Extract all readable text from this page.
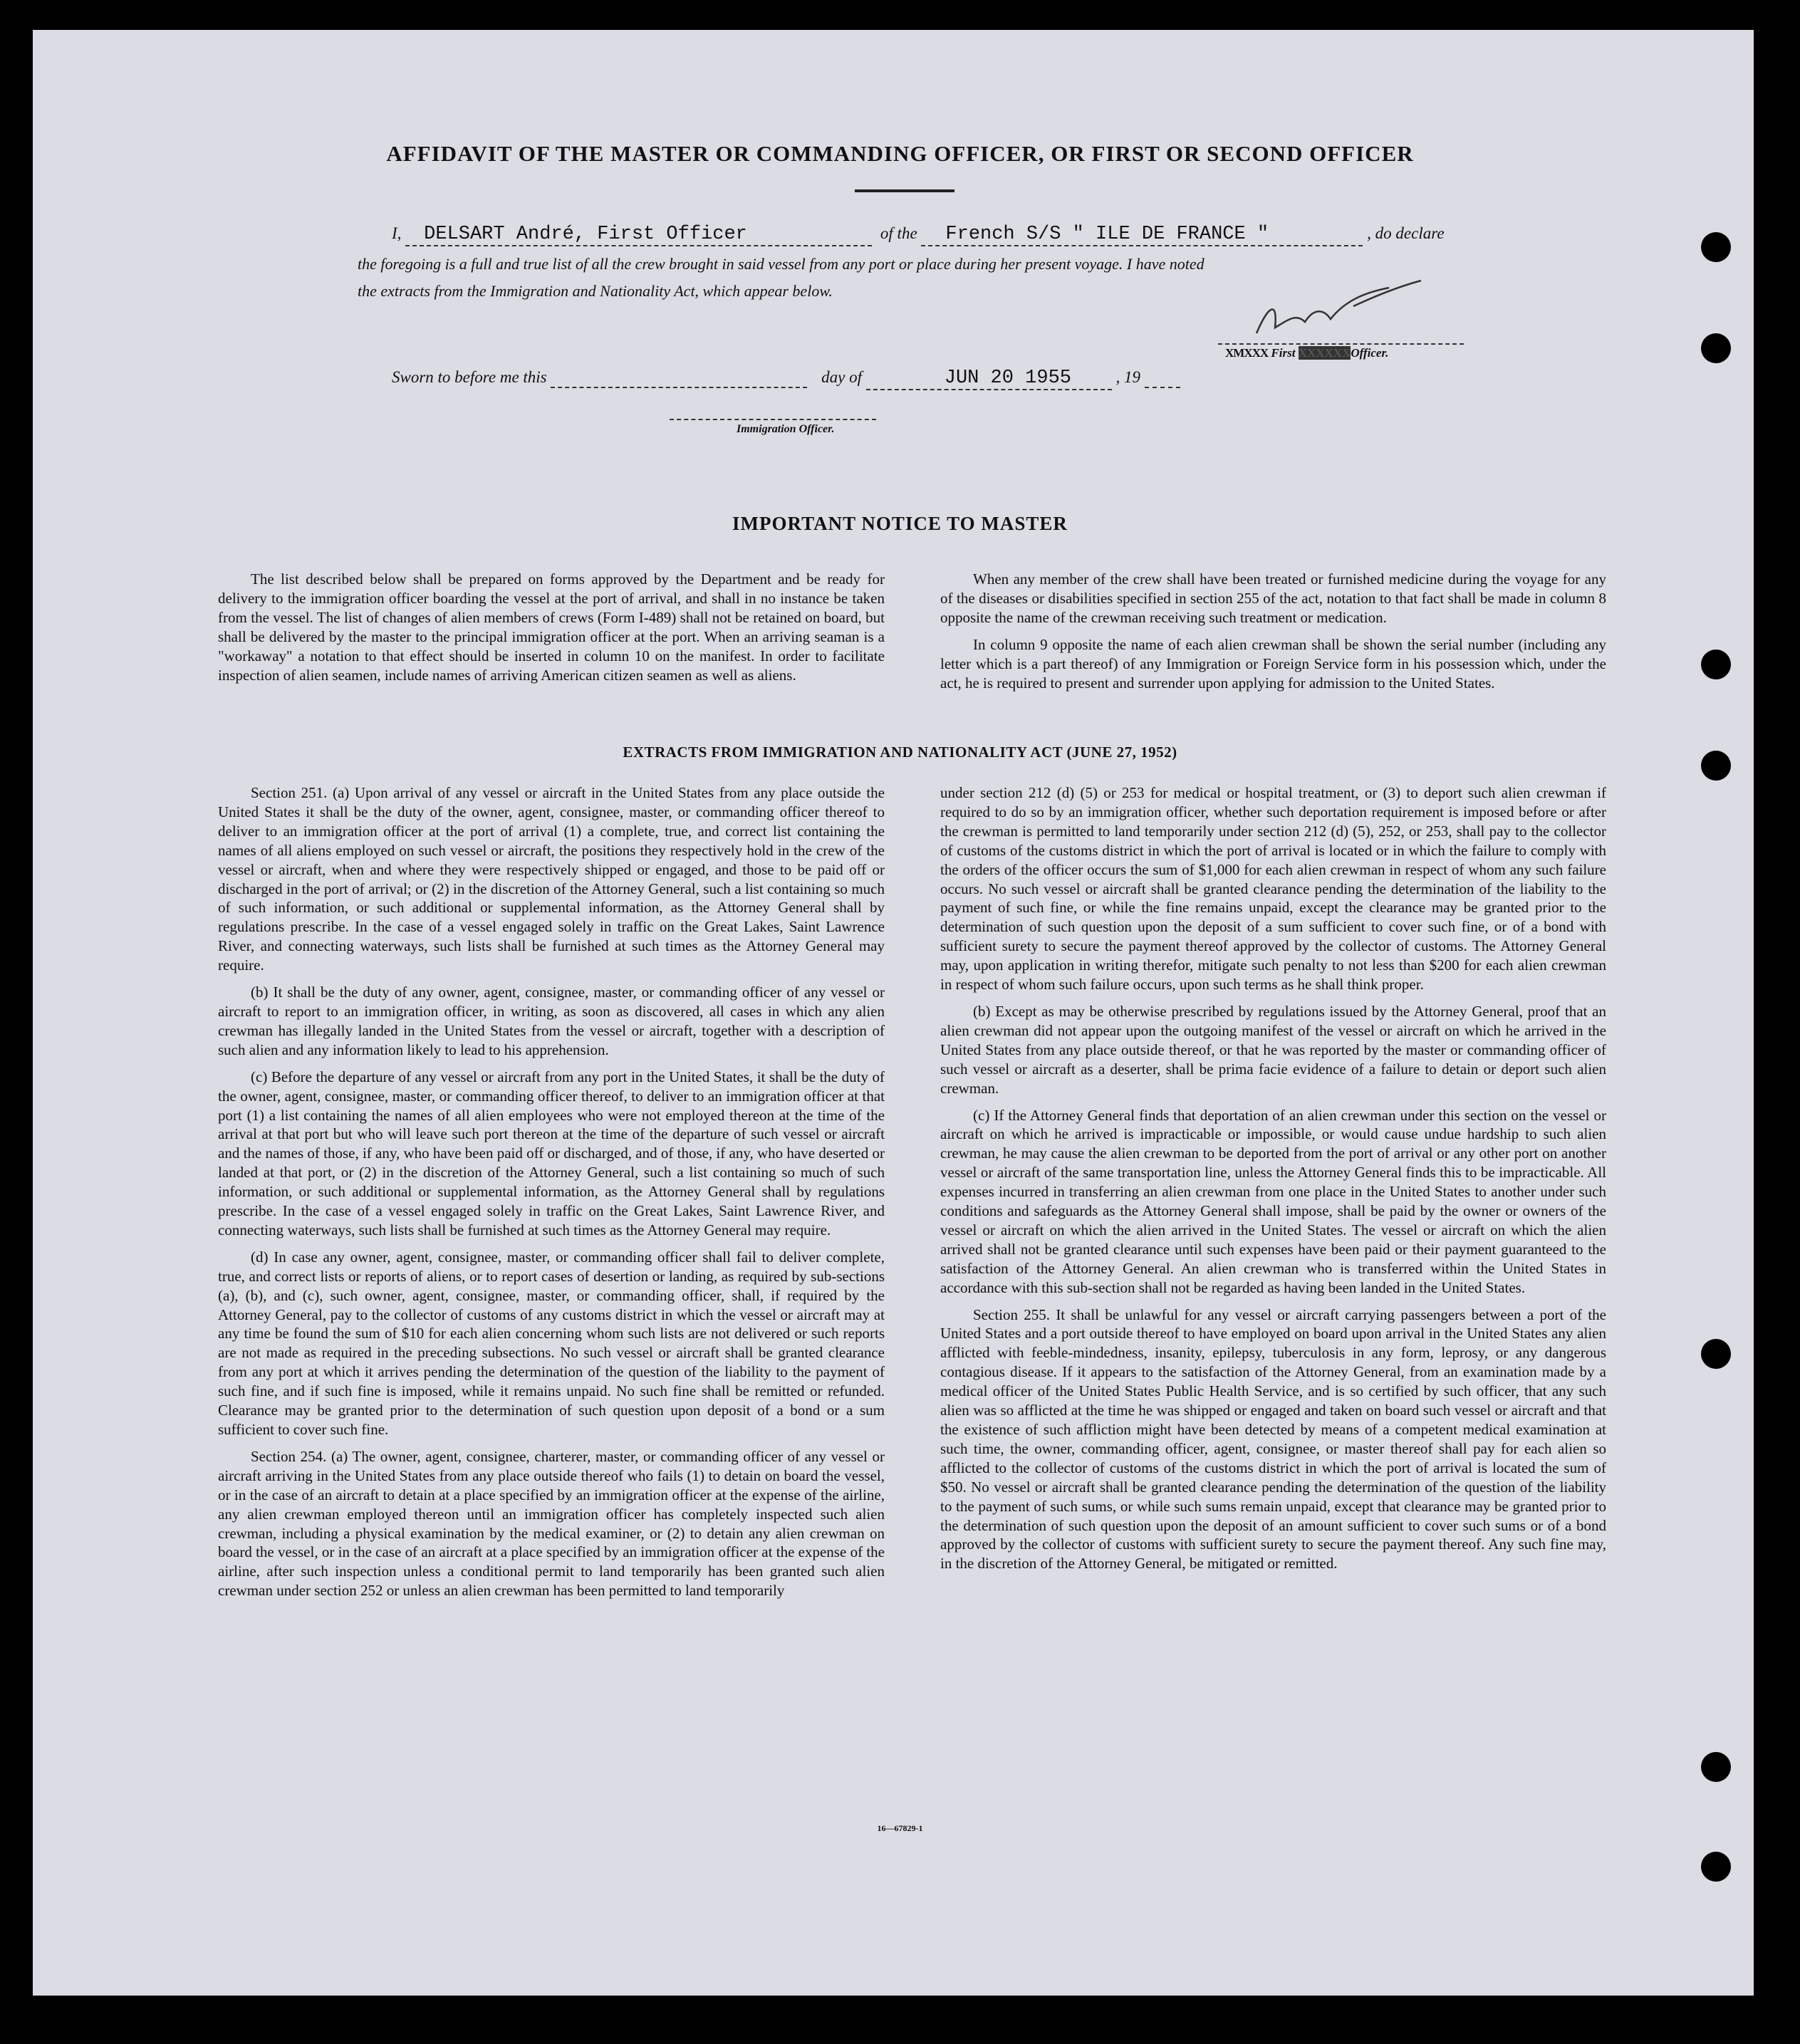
AFFIDAVIT OF THE MASTER OR COMMANDING OFFICER, OR FIRST OR SECOND OFFICER
I, DELSART André, First Officer	of the French S/S " ILE DE FRANCE "	, do declare
the foregoing is a full and true list of all the crew brought in said vessel from any port or place during her present voyage. I have noted
the extracts from the Immigration and Nationality Act, which appear below.
XMXXX First XXXXXXOfficer.
Sworn to before me this	day of	JUN 20 1955	, 19
Immigration Officer.
IMPORTANT NOTICE TO MASTER

The list described below shall be prepared on forms approved by the Department and be ready for delivery to the immigration officer boarding the vessel at the port of arrival, and shall in no instance be taken from the vessel. The list of changes of alien members of crews (Form I-489) shall not be retained on board, but shall be delivered by the master to the principal immigration officer at the port. When an arriving seaman is a "workaway" a notation to that effect should be inserted in column 10 on the manifest. In order to facilitate inspection of alien seamen, include names of arriving American citizen seamen as well as aliens.

When any member of the crew shall have been treated or furnished medicine during the voyage for any of the diseases or disabilities specified in section 255 of the act, notation to that fact shall be made in column 8 opposite the name of the crewman receiving such treatment or medication.

In column 9 opposite the name of each alien crewman shall be shown the serial number (including any letter which is a part thereof) of any Immigration or Foreign Service form in his possession which, under the act, he is required to present and surrender upon applying for admission to the United States.

EXTRACTS FROM IMMIGRATION AND NATIONALITY ACT (JUNE 27, 1952)

Section 251. (a) Upon arrival of any vessel or aircraft in the United States from any place outside the United States it shall be the duty of the owner, agent, consignee, master, or commanding officer thereof to deliver to an immigration officer at the port of arrival (1) a complete, true, and correct list containing the names of all aliens employed on such vessel or aircraft, the positions they respectively hold in the crew of the vessel or aircraft, when and where they were respectively shipped or engaged, and those to be paid off or discharged in the port of arrival; or (2) in the discretion of the Attorney General, such a list containing so much of such information, or such additional or supplemental information, as the Attorney General shall by regulations prescribe. In the case of a vessel engaged solely in traffic on the Great Lakes, Saint Lawrence River, and connecting waterways, such lists shall be furnished at such times as the Attorney General may require.

(b) It shall be the duty of any owner, agent, consignee, master, or commanding officer of any vessel or aircraft to report to an immigration officer, in writing, as soon as discovered, all cases in which any alien crewman has illegally landed in the United States from the vessel or aircraft, together with a description of such alien and any information likely to lead to his apprehension.

(c) Before the departure of any vessel or aircraft from any port in the United States, it shall be the duty of the owner, agent, consignee, master, or commanding officer thereof, to deliver to an immigration officer at that port (1) a list containing the names of all alien employees who were not employed thereon at the time of the arrival at that port but who will leave such port thereon at the time of the departure of such vessel or aircraft and the names of those, if any, who have been paid off or discharged, and of those, if any, who have deserted or landed at that port, or (2) in the discretion of the Attorney General, such a list containing so much of such information, or such additional or supplemental information, as the Attorney General shall by regulations prescribe. In the case of a vessel engaged solely in traffic on the Great Lakes, Saint Lawrence River, and connecting waterways, such lists shall be furnished at such times as the Attorney General may require.

(d) In case any owner, agent, consignee, master, or commanding officer shall fail to deliver complete, true, and correct lists or reports of aliens, or to report cases of desertion or landing, as required by sub-sections (a), (b), and (c), such owner, agent, consignee, master, or commanding officer, shall, if required by the Attorney General, pay to the collector of customs of any customs district in which the vessel or aircraft may at any time be found the sum of $10 for each alien concerning whom such lists are not delivered or such reports are not made as required in the preceding subsections. No such vessel or aircraft shall be granted clearance from any port at which it arrives pending the determination of the question of the liability to the payment of such fine, and if such fine is imposed, while it remains unpaid. No such fine shall be remitted or refunded. Clearance may be granted prior to the determination of such question upon deposit of a bond or a sum sufficient to cover such fine.

Section 254. (a) The owner, agent, consignee, charterer, master, or commanding officer of any vessel or aircraft arriving in the United States from any place outside thereof who fails (1) to detain on board the vessel, or in the case of an aircraft to detain at a place specified by an immigration officer at the expense of the airline, any alien crewman employed thereon until an immigration officer has completely inspected such alien crewman, including a physical examination by the medical examiner, or (2) to detain any alien crewman on board the vessel, or in the case of an aircraft at a place specified by an immigration officer at the expense of the airline, after such inspection unless a conditional permit to land temporarily has been granted such alien crewman under section 252 or unless an alien crewman has been permitted to land temporarily

under section 212 (d) (5) or 253 for medical or hospital treatment, or (3) to deport such alien crewman if required to do so by an immigration officer, whether such deportation requirement is imposed before or after the crewman is permitted to land temporarily under section 212 (d) (5), 252, or 253, shall pay to the collector of customs of the customs district in which the port of arrival is located or in which the failure to comply with the orders of the officer occurs the sum of $1,000 for each alien crewman in respect of whom any such failure occurs. No such vessel or aircraft shall be granted clearance pending the determination of the liability to the payment of such fine, or while the fine remains unpaid, except the clearance may be granted prior to the determination of such question upon the deposit of a sum sufficient to cover such fine, or of a bond with sufficient surety to secure the payment thereof approved by the collector of customs. The Attorney General may, upon application in writing therefor, mitigate such penalty to not less than $200 for each alien crewman in respect of whom such failure occurs, upon such terms as he shall think proper.

(b) Except as may be otherwise prescribed by regulations issued by the Attorney General, proof that an alien crewman did not appear upon the outgoing manifest of the vessel or aircraft on which he arrived in the United States from any place outside thereof, or that he was reported by the master or commanding officer of such vessel or aircraft as a deserter, shall be prima facie evidence of a failure to detain or deport such alien crewman.

(c) If the Attorney General finds that deportation of an alien crewman under this section on the vessel or aircraft on which he arrived is impracticable or impossible, or would cause undue hardship to such alien crewman, he may cause the alien crewman to be deported from the port of arrival or any other port on another vessel or aircraft of the same transportation line, unless the Attorney General finds this to be impracticable. All expenses incurred in transferring an alien crewman from one place in the United States to another under such conditions and safeguards as the Attorney General shall impose, shall be paid by the owner or owners of the vessel or aircraft on which the alien arrived in the United States. The vessel or aircraft on which the alien arrived shall not be granted clearance until such expenses have been paid or their payment guaranteed to the satisfaction of the Attorney General. An alien crewman who is transferred within the United States in accordance with this sub-section shall not be regarded as having been landed in the United States.

Section 255. It shall be unlawful for any vessel or aircraft carrying passengers between a port of the United States and a port outside thereof to have employed on board upon arrival in the United States any alien afflicted with feeble-mindedness, insanity, epilepsy, tuberculosis in any form, leprosy, or any dangerous contagious disease. If it appears to the satisfaction of the Attorney General, from an examination made by a medical officer of the United States Public Health Service, and is so certified by such officer, that any such alien was so afflicted at the time he was shipped or engaged and taken on board such vessel or aircraft and that the existence of such affliction might have been detected by means of a competent medical examination at such time, the owner, commanding officer, agent, consignee, or master thereof shall pay for each alien so afflicted to the collector of customs of the customs district in which the port of arrival is located the sum of $50. No vessel or aircraft shall be granted clearance pending the determination of the question of the liability to the payment of such sums, or while such sums remain unpaid, except that clearance may be granted prior to the determination of such question upon the deposit of an amount sufficient to cover such sums or of a bond approved by the collector of customs with sufficient surety to secure the payment thereof. Any such fine may, in the discretion of the Attorney General, be mitigated or remitted.

16—67829-1
